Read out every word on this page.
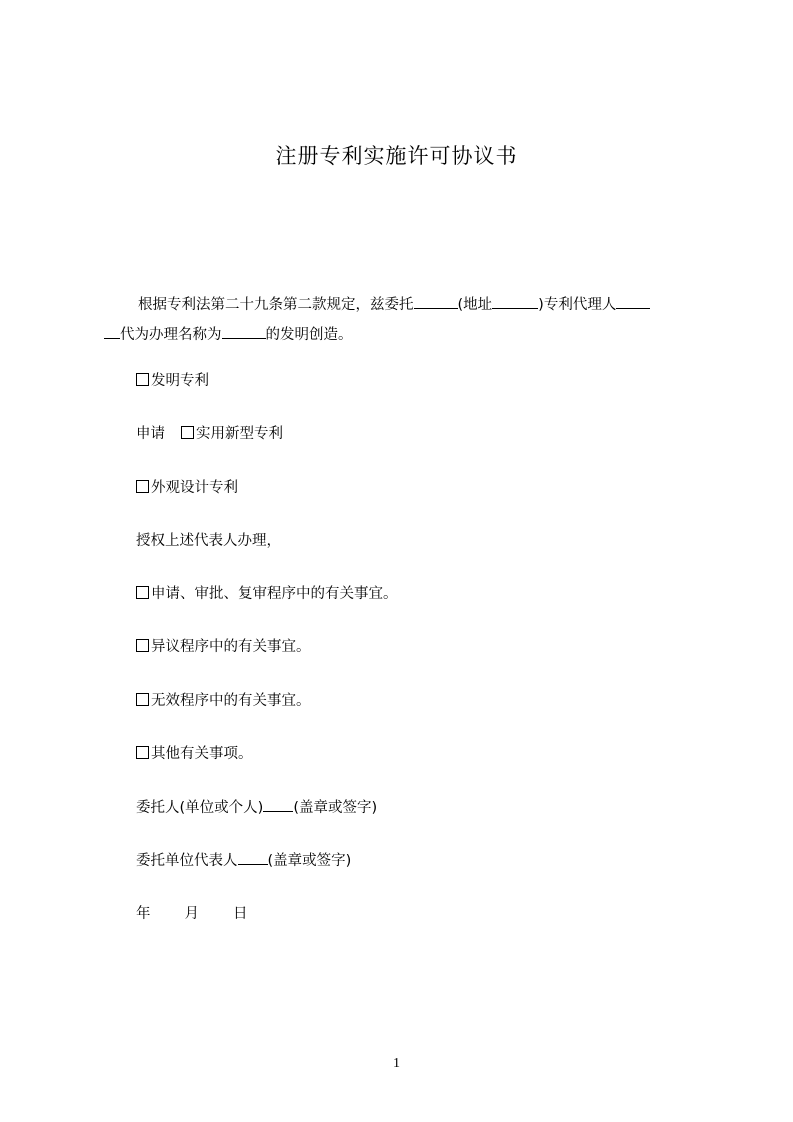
注册专利实施许可协议书
根据专利法第二十九条第二款规定，兹委托	(地址	)专利代理人
代为办理名称为	的发明创造。
发明专利
申请 实用新型专利
外观设计专利
授权上述代表人办理，
申请、审批、复审程序中的有关事宜。
异议程序中的有关事宜。
无效程序中的有关事宜。
其他有关事项。
委托人(单位或个人) (盖章或签字)
委托单位代表人 (盖章或签字)
年 月 日
1
